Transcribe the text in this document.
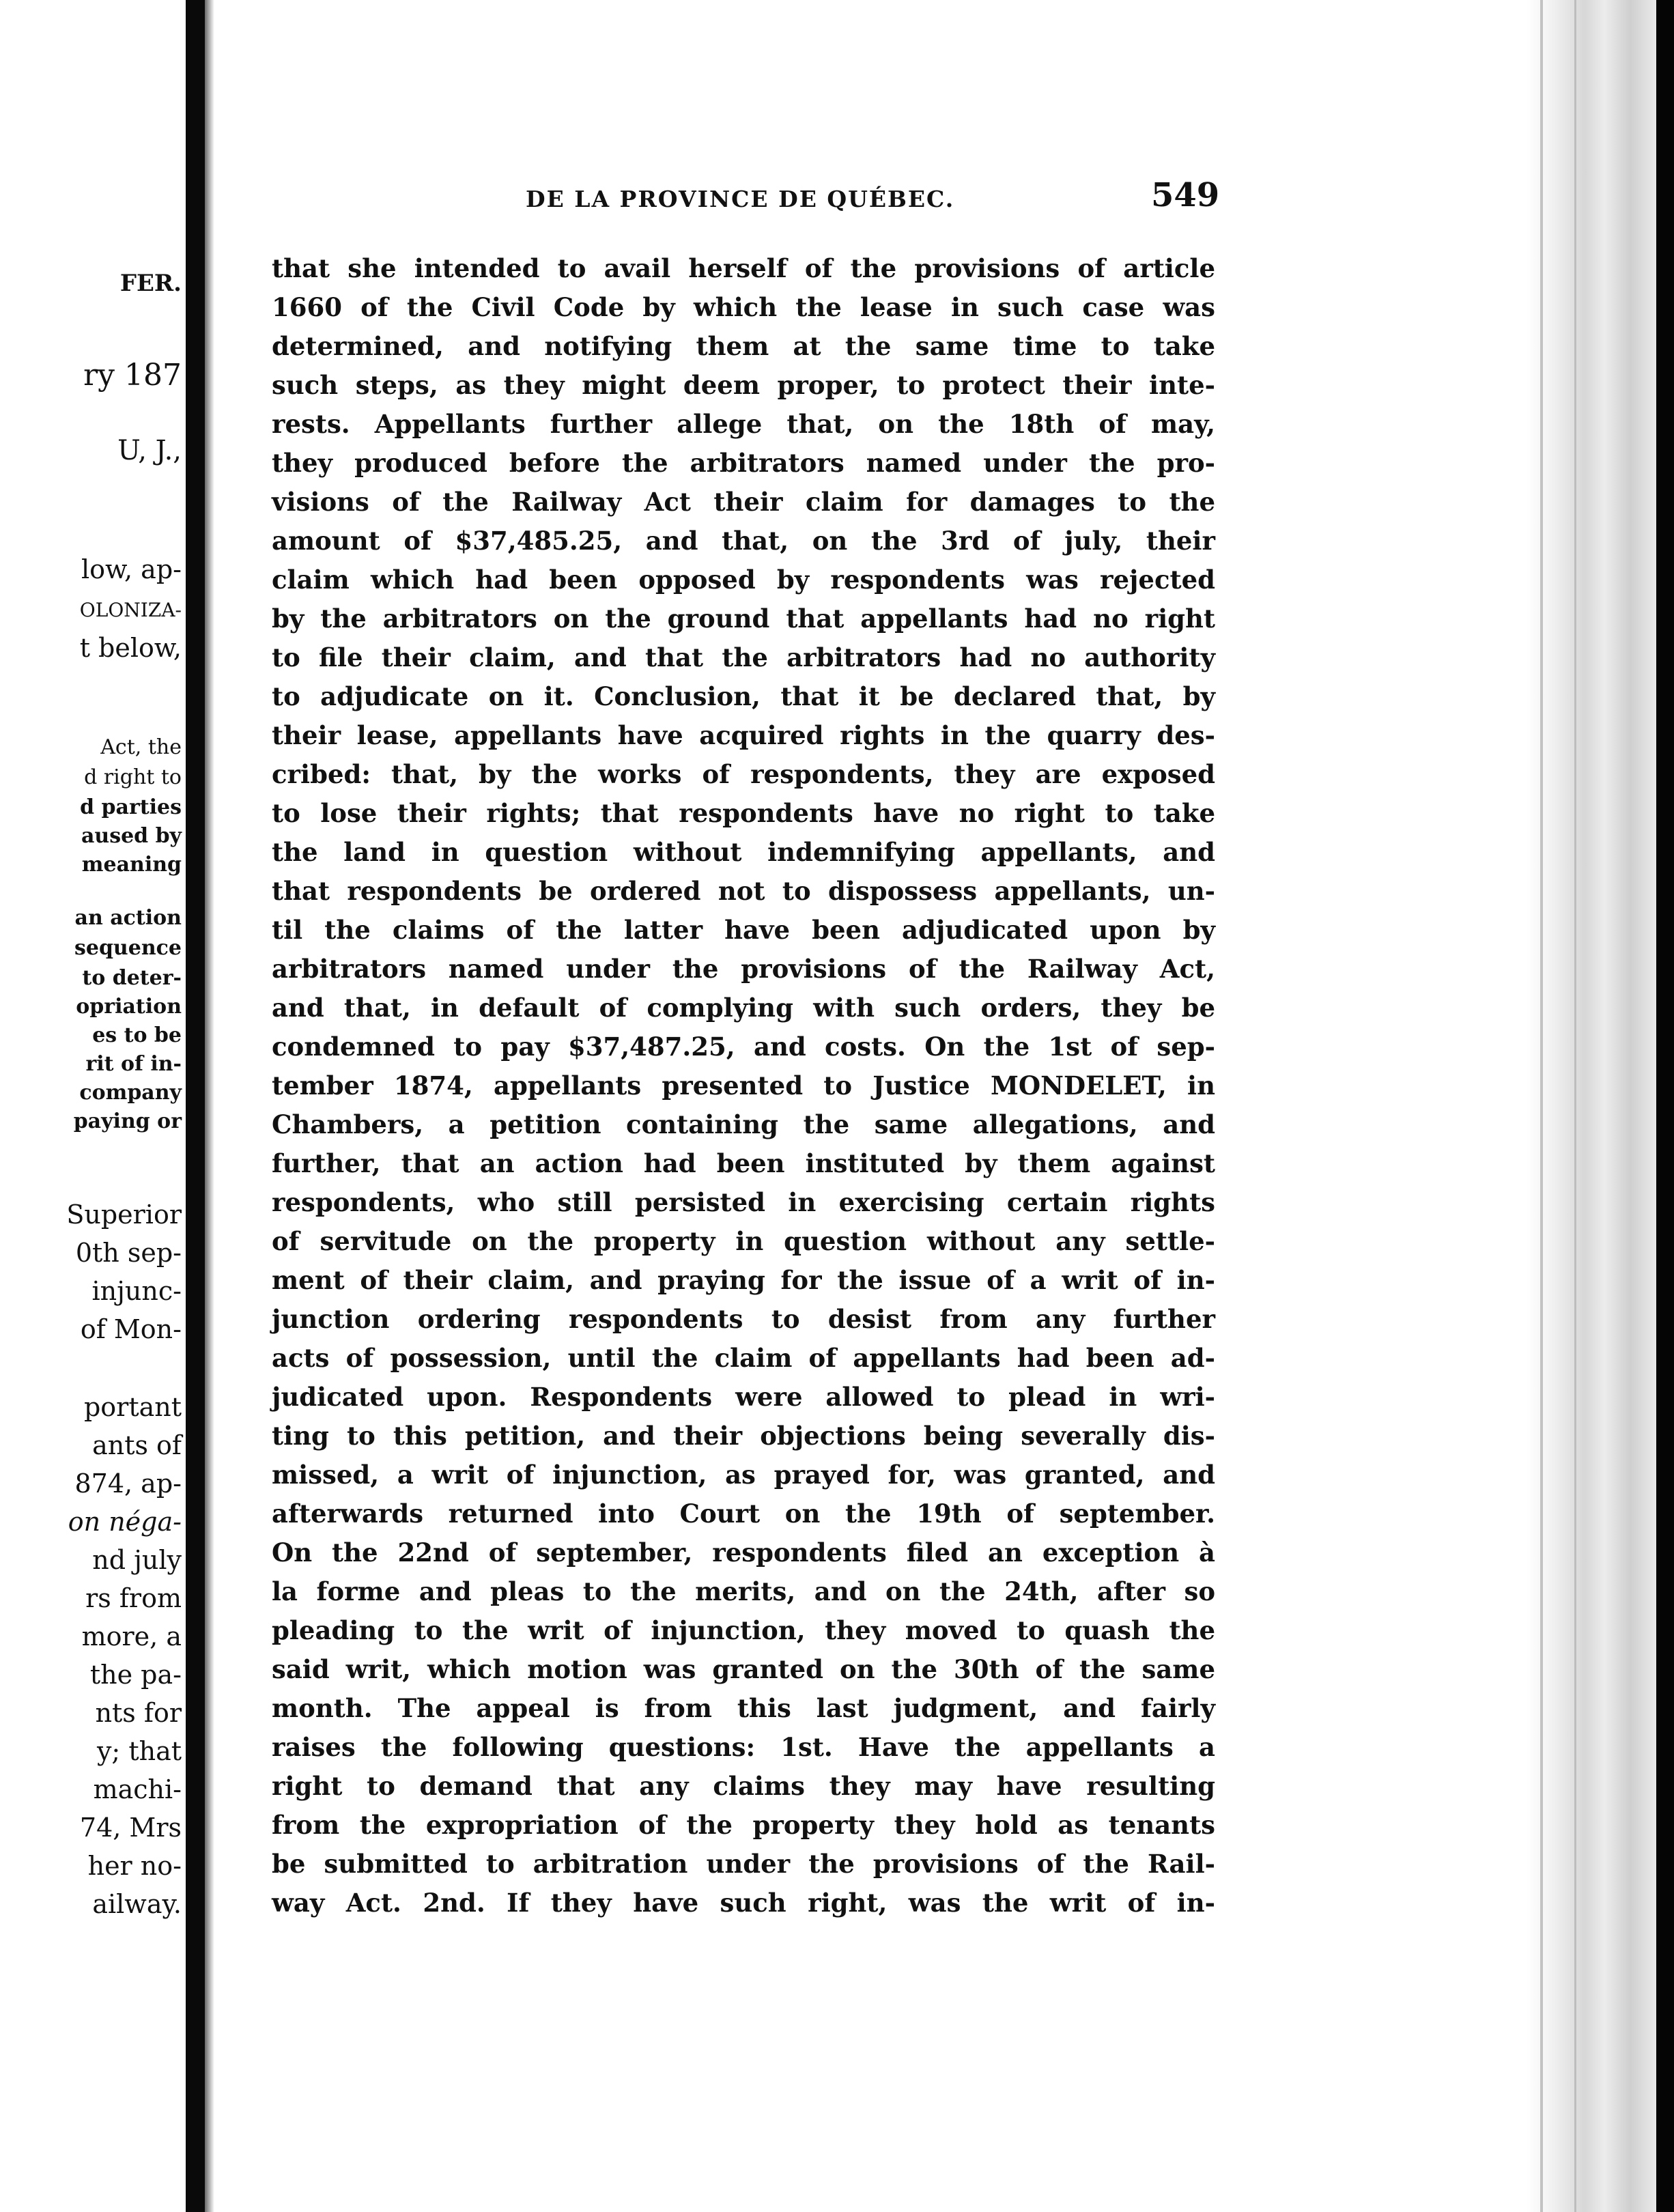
FER.
ry 187
U, J.,
low, ap-
OLONIZA-
t below,
Act, the
d right to
d parties
aused by
meaning
an action
sequence
to deter-
opriation
es to be
rit of in-
company
paying or
Superior
0th sep-
injunc-
of Mon-
portant
ants of
874, ap-
on néga-
nd july
rs from
more, a
the pa-
nts for
y; that
machi-
74, Mrs
her no-
ailway.
DE LA PROVINCE DE QUÉBEC.	549
that she intended to avail herself of the provisions of article
1660 of the Civil Code by which the lease in such case was
determined, and notifying them at the same time to take
such steps, as they might deem proper, to protect their inte-
rests. Appellants further allege that, on the 18th of may,
they produced before the arbitrators named under the pro-
visions of the Railway Act their claim for damages to the
amount of $37,485.25, and that, on the 3rd of july, their
claim which had been opposed by respondents was rejected
by the arbitrators on the ground that appellants had no right
to file their claim, and that the arbitrators had no authority
to adjudicate on it. Conclusion, that it be declared that, by
their lease, appellants have acquired rights in the quarry des-
cribed: that, by the works of respondents, they are exposed
to lose their rights; that respondents have no right to take
the land in question without indemnifying appellants, and
that respondents be ordered not to dispossess appellants, un-
til the claims of the latter have been adjudicated upon by
arbitrators named under the provisions of the Railway Act,
and that, in default of complying with such orders, they be
condemned to pay $37,487.25, and costs. On the 1st of sep-
tember 1874, appellants presented to Justice MONDELET, in
Chambers, a petition containing the same allegations, and
further, that an action had been instituted by them against
respondents, who still persisted in exercising certain rights
of servitude on the property in question without any settle-
ment of their claim, and praying for the issue of a writ of in-
junction ordering respondents to desist from any further
acts of possession, until the claim of appellants had been ad-
judicated upon. Respondents were allowed to plead in wri-
ting to this petition, and their objections being severally dis-
missed, a writ of injunction, as prayed for, was granted, and
afterwards returned into Court on the 19th of september.
On the 22nd of september, respondents filed an exception à
la forme and pleas to the merits, and on the 24th, after so
pleading to the writ of injunction, they moved to quash the
said writ, which motion was granted on the 30th of the same
month. The appeal is from this last judgment, and fairly
raises the following questions: 1st. Have the appellants a
right to demand that any claims they may have resulting
from the expropriation of the property they hold as tenants
be submitted to arbitration under the provisions of the Rail-
way Act. 2nd. If they have such right, was the writ of in-
